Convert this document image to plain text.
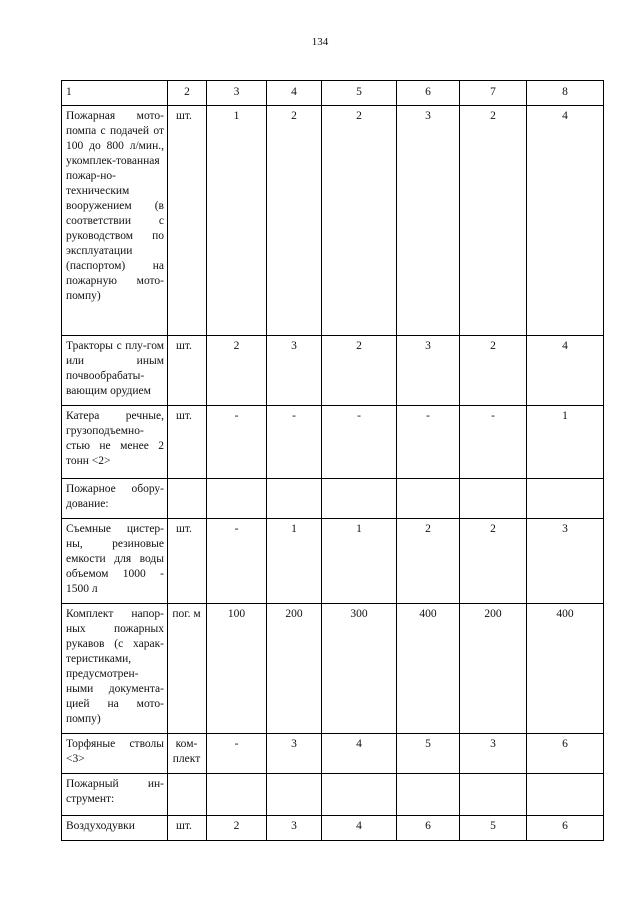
134
1	2	3	4	5	6	7	8
Пожарная мото-помпа с подачей от 100 до 800 л/мин., укомплек-тованная пожар-но-техническим вооружением (в соответствии с руководством по эксплуатации (паспортом) на пожарную мото-помпу)	шт.	1	2	2	3	2	4
Тракторы с плу-гом или иным почвообрабаты-вающим орудием	шт.	2	3	2	3	2	4
Катера речные, грузоподъемно-стью не менее 2 тонн <2>	шт.	-	-	-	-	-	1
Пожарное обору-дование:							
Съемные цистер-ны, резиновые емкости для воды объемом 1000 - 1500 л	шт.	-	1	1	2	2	3
Комплект напор-ных пожарных рукавов (с харак-теристиками, предусмотрен-ными документа-цией на мото-помпу)	пог. м	100	200	300	400	200	400
Торфяные стволы <3>	ком-плект	-	3	4	5	3	6
Пожарный ин-струмент:							
Воздуходувки	шт.	2	3	4	6	5	6
